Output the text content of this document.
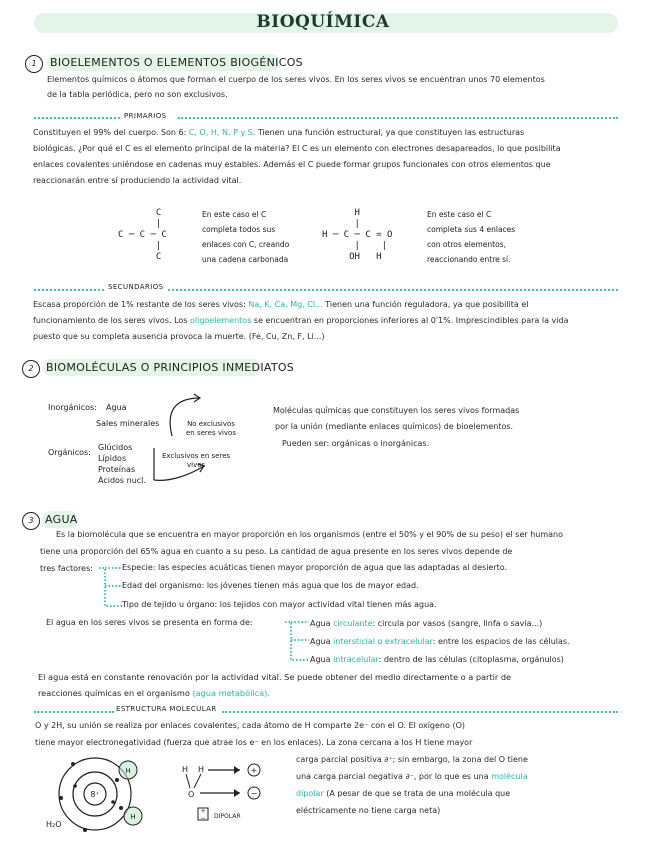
BIOQUÍMICA
1	BIOELEMENTOS O ELEMENTOS BIOGÉNICOS
Elementos químicos o átomos que forman el cuerpo de los seres vivos. En los seres vivos se encuentran unos 70 elementos
de la tabla periódica, pero no son exclusivos.
PRIMARIOS
Constituyen el 99% del cuerpo. Son 6: C, O, H, N, P y S. Tienen una función estructural, ya que constituyen las estructuras
biológicas. ¿Por qué el C es el elemento principal de la materia? El C es un elemento con electrones desapareados, lo que posibilita
enlaces covalentes uniéndose en cadenas muy estables. Además el C puede formar grupos funcionales con otros elementos que
reaccionarán entre sí produciendo la actividad vital.
C
|
C ─ C ─ C
|
C
En este caso el C
completa todos sus
enlaces con C, creando
una cadena carbonada
H
|
H ─ C ─ C = O
|    |
OH   H
En este caso el C
completa sus 4 enlaces
con otros elementos,
reaccionando entre sí.
SECUNDARIOS
Escasa proporción de 1% restante de los seres vivos: Na, K, Ca, Mg, Cl... Tienen una función reguladora, ya que posibilita el
funcionamiento de los seres vivos. Los oligoelementos se encuentran en proporciones inferiores al 0'1%. Imprescindibles para la vida
puesto que su completa ausencia provoca la muerte. (Fe, Cu, Zn, F, Li...)
2	BIOMOLÉCULAS O PRINCIPIOS INMEDIATOS
Inorgánicos: Agua
Sales minerales	No exclusivos
en seres vivos
Orgánicos:
Glúcidos
Lípidos
Proteínas
Ácidos nucl.
Exclusivos en seres
vivos
Moléculas químicas que constituyen los seres vivos formadas
por la unión (mediante enlaces químicos) de bioelementos.
Pueden ser: orgánicas o inorgánicas.
3	AGUA
Es la biomolécula que se encuentra en mayor proporción en los organismos (entre el 50% y el 90% de su peso) el ser humano
tiene una proporción del 65% agua en cuanto a su peso. La cantidad de agua presente en los seres vivos depende de
tres factores:	Especie: las especies acuáticas tienen mayor proporción de agua que las adaptadas al desierto.
Edad del organismo: los jóvenes tienen más agua que los de mayor edad.
Tipo de tejido u órgano: los tejidos con mayor actividad vital tienen más agua.
El agua en los seres vivos se presenta en forma de:	Agua circulante: circula por vasos (sangre, linfa o savia...)
Agua intersticial o extracelular: entre los espacios de las células.
Agua intracelular: dentro de las células (citoplasma, orgánulos)
El agua está en constante renovación por la actividad vital. Se puede obtener del medio directamente o a partir de
reacciones químicas en el organismo (agua metabólica).
ESTRUCTURA MOLECULAR
O y 2H, su unión se realiza por enlaces covalentes, cada átomo de H comparte 2e⁻ con el O. El oxígeno (O)
tiene mayor electronegatividad (fuerza que atrae los e⁻ en los enlaces). La zona cercana a los H tiene mayor
carga parcial positiva ∂⁺; sin embargo, la zona del O tiene
una carga parcial negativa ∂⁻, por lo que es una molécula
dipolar (A pesar de que se trata de una molécula que
eléctricamente no tiene carga neta)
8⁺
H
H
H₂O
H H
O
+
−
+
− DIPOLAR
